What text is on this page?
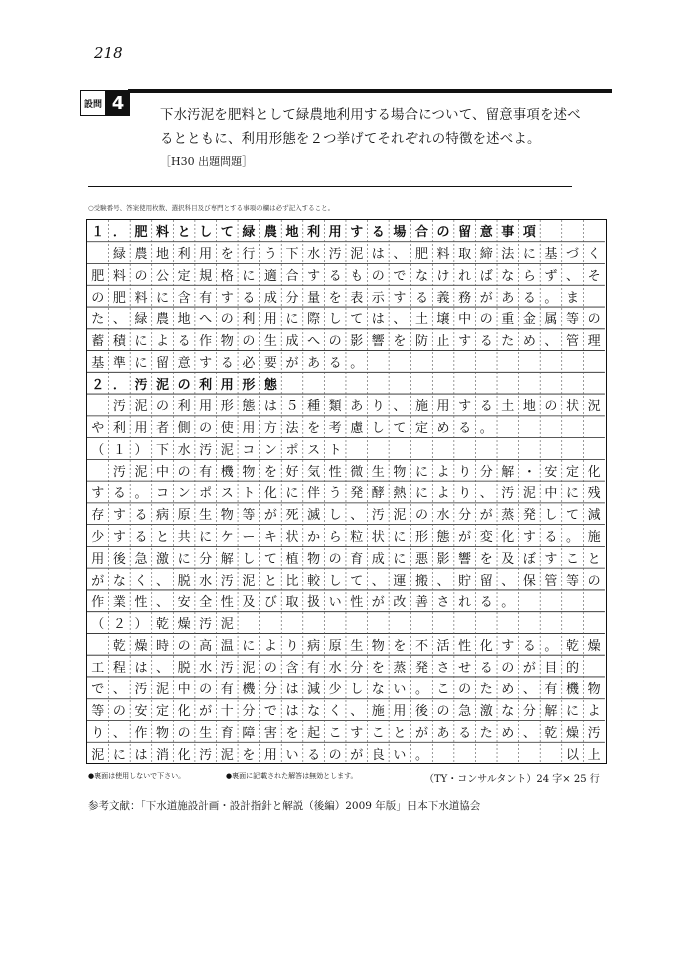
218
設問 4
下水汚泥を肥料として緑農地利用する場合について、留意事項を述べ
るとともに、利用形態を２つ挙げてそれぞれの特徴を述べよ。
［H30 出題問題］
○受験番号、答案使用枚数、選択科目及び専門とする事項の欄は必ず記入すること。
１ ． 肥 料 と し て 緑 農 地 利 用 す る 場 合 の 留 意 事 項
緑 農 地 利 用 を 行 う 下 水 汚 泥 は 、 肥 料 取 締 法 に 基 づ く
肥 料 の 公 定 規 格 に 適 合 す る も の で な け れ ば な ら ず 、 そ
の 肥 料 に 含 有 す る 成 分 量 を 表 示 す る 義 務 が あ る 。 ま
た 、 緑 農 地 へ の 利 用 に 際 し て は 、 土 壌 中 の 重 金 属 等 の
蓄 積 に よ る 作 物 の 生 成 へ の 影 響 を 防 止 す る た め 、 管 理
基 準 に 留 意 す る 必 要 が あ る 。
２ ． 汚 泥 の 利 用 形 態
汚 泥 の 利 用 形 態 は ５ 種 類 あ り 、 施 用 す る 土 地 の 状 況
や 利 用 者 側 の 使 用 方 法 を 考 慮 し て 定 め る 。
（ １ ） 下 水 汚 泥 コ ン ポ ス ト
汚 泥 中 の 有 機 物 を 好 気 性 微 生 物 に よ り 分 解 ・ 安 定 化
す る 。 コ ン ポ ス ト 化 に 伴 う 発 酵 熱 に よ り 、 汚 泥 中 に 残
存 す る 病 原 生 物 等 が 死 滅 し 、 汚 泥 の 水 分 が 蒸 発 し て 減
少 す る と 共 に ケ ー キ 状 か ら 粒 状 に 形 態 が 変 化 す る 。 施
用 後 急 激 に 分 解 し て 植 物 の 育 成 に 悪 影 響 を 及 ぼ す こ と
が な く 、 脱 水 汚 泥 と 比 較 し て 、 運 搬 、 貯 留 、 保 管 等 の
作 業 性 、 安 全 性 及 び 取 扱 い 性 が 改 善 さ れ る 。
（ ２ ） 乾 燥 汚 泥
乾 燥 時 の 高 温 に よ り 病 原 生 物 を 不 活 性 化 す る 。 乾 燥
工 程 は 、 脱 水 汚 泥 の 含 有 水 分 を 蒸 発 さ せ る の が 目 的
で 、 汚 泥 中 の 有 機 分 は 減 少 し な い 。 こ の た め 、 有 機 物
等 の 安 定 化 が 十 分 で は な く 、 施 用 後 の 急 激 な 分 解 に よ
り 、 作 物 の 生 育 障 害 を 起 こ す こ と が あ る た め 、 乾 燥 汚
泥 に は 消 化 汚 泥 を 用 い る の が 良 い 。	以 上
●裏面は使用しないで下さい。	●裏面に記載された解答は無効とします。	（TY・コンサルタント）24 字× 25 行
参考文献：「下水道施設計画・設計指針と解説（後編）2009 年版」日本下水道協会
